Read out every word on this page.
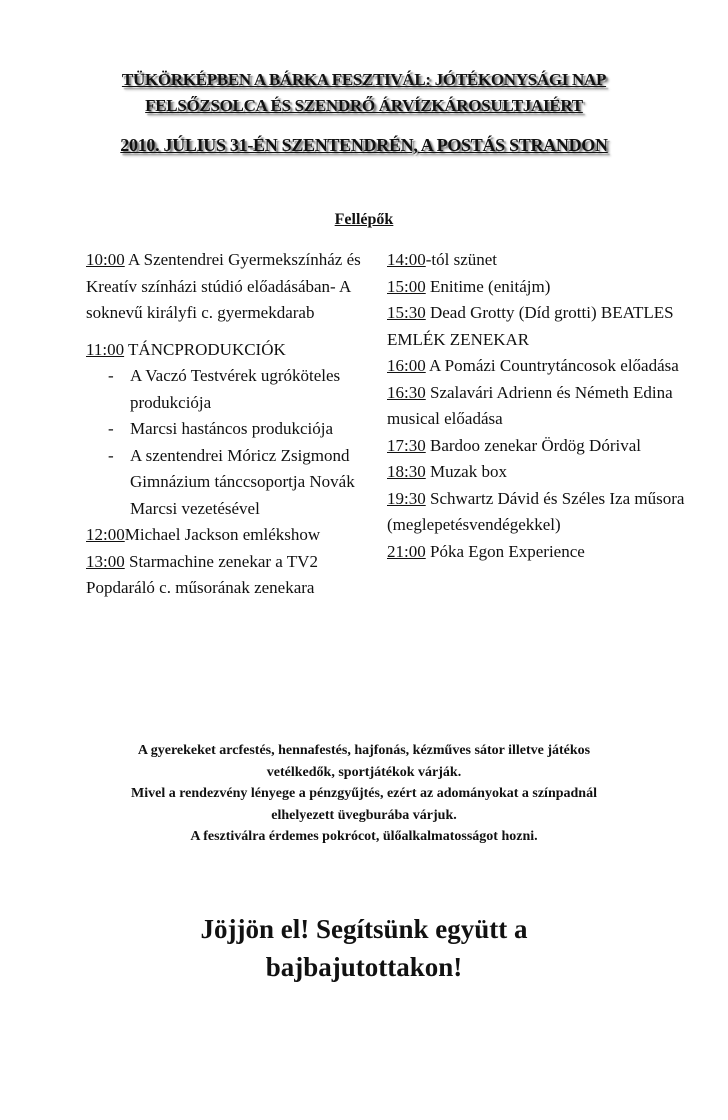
TÜKÖRKÉPBEN A BÁRKA FESZTIVÁL: JÓTÉKONYSÁGI NAP
FELSŐZSOLCA ÉS SZENDRŐ ÁRVÍZKÁROSULTJAIÉRT
2010. JÚLIUS 31-ÉN SZENTENDRÉN, A POSTÁS STRANDON
Fellépők

10:00 A Szentendrei Gyermekszínház és Kreatív színházi stúdió előadásában- A soknevű királyfi c. gyermekdarab

11:00 TÁNCPRODUKCIÓK
- A Vaczó Testvérek ugróköteles produkciója
- Marcsi hastáncos produkciója
- A szentendrei Móricz Zsigmond Gimnázium tánccsoportja Novák Marcsi vezetésével

12:00Michael Jackson emlékshow

13:00 Starmachine zenekar a TV2 Popdaráló c. műsorának zenekara

14:00-tól szünet

15:00 Enitime (enitájm)

15:30 Dead Grotty (Díd grotti) BEATLES EMLÉK ZENEKAR

16:00 A Pomázi Countrytáncosok előadása

16:30 Szalavári Adrienn és Németh Edina musical előadása

17:30 Bardoo zenekar Ördög Dórival

18:30 Muzak box

19:30 Schwartz Dávid és Széles Iza műsora (meglepetésvendégekkel)

21:00 Póka Egon Experience

A gyerekeket arcfestés, hennafestés, hajfonás, kézműves sátor illetve játékos

vetélkedők, sportjátékok várják.

Mivel a rendezvény lényege a pénzgyűjtés, ezért az adományokat a színpadnál

elhelyezett üvegburába várjuk.

A fesztiválra érdemes pokrócot, ülőalkalmatosságot hozni.

Jöjjön el! Segítsünk együtt a

bajbajutottakon!
